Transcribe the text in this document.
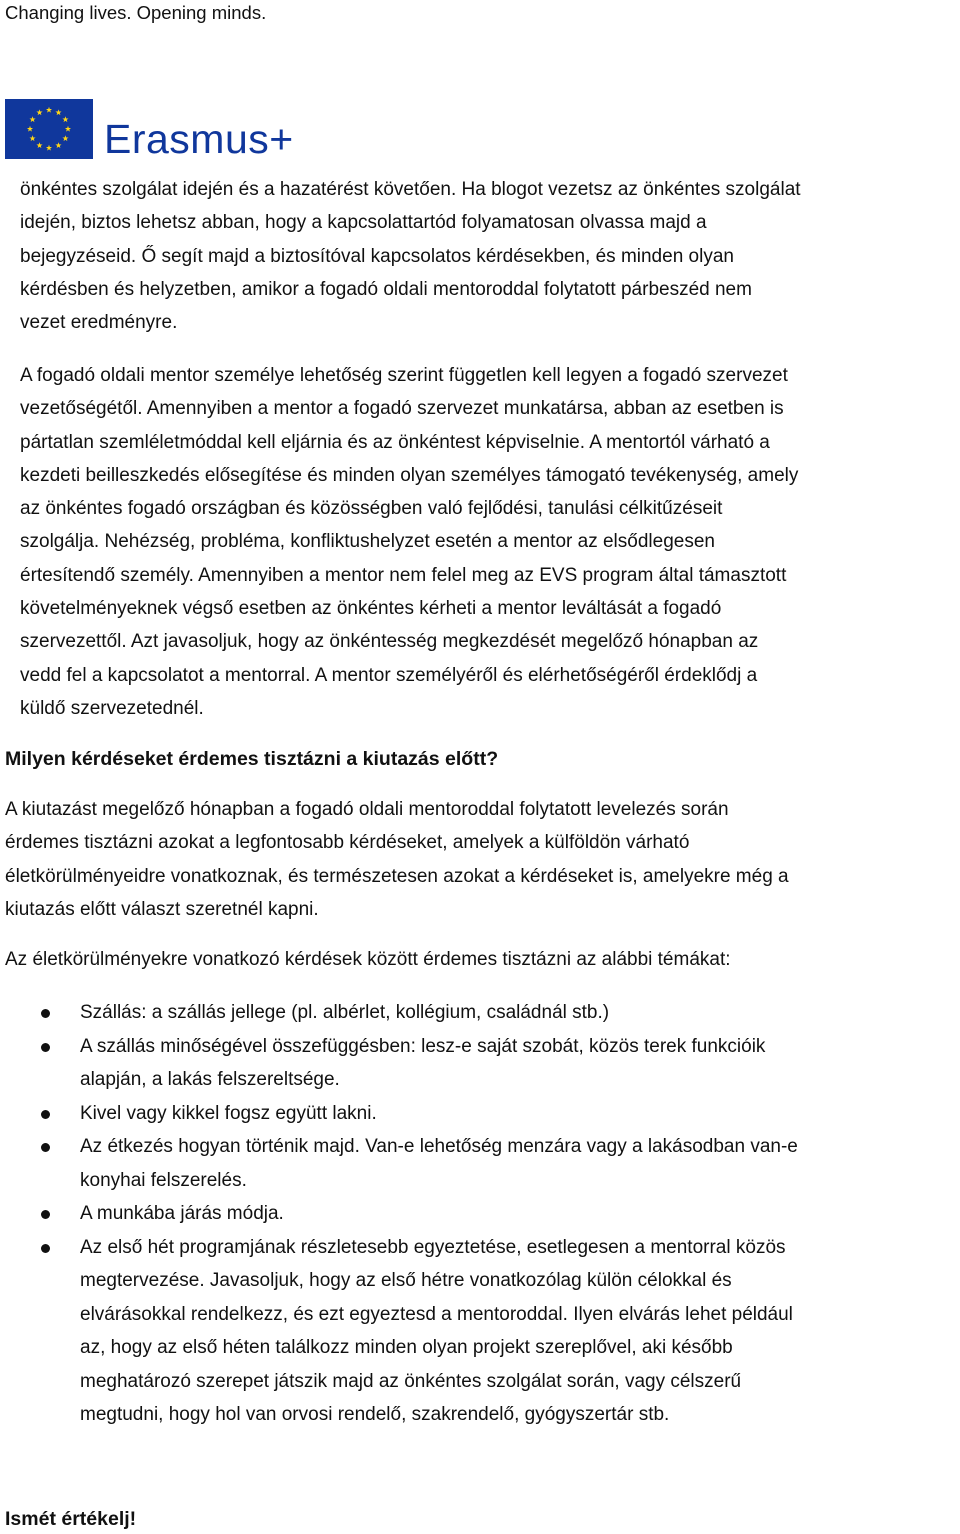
Changing lives. Opening minds.
Erasmus+
önkéntes szolgálat idején és a hazatérést követően. Ha blogot vezetsz az önkéntes szolgálat
idején, biztos lehetsz abban, hogy a kapcsolattartód folyamatosan olvassa majd a
bejegyzéseid. Ő segít majd a biztosítóval kapcsolatos kérdésekben, és minden olyan
kérdésben és helyzetben, amikor a fogadó oldali mentoroddal folytatott párbeszéd nem
vezet eredményre.
A fogadó oldali mentor személye lehetőség szerint független kell legyen a fogadó szervezet
vezetőségétől. Amennyiben a mentor a fogadó szervezet munkatársa, abban az esetben is
pártatlan szemléletmóddal kell eljárnia és az önkéntest képviselnie. A mentortól várható a
kezdeti beilleszkedés elősegítése és minden olyan személyes támogató tevékenység, amely
az önkéntes fogadó országban és közösségben való fejlődési, tanulási célkitűzéseit
szolgálja. Nehézség, probléma, konfliktushelyzet esetén a mentor az elsődlegesen
értesítendő személy. Amennyiben a mentor nem felel meg az EVS program által támasztott
követelményeknek végső esetben az önkéntes kérheti a mentor leváltását a fogadó
szervezettől. Azt javasoljuk, hogy az önkéntesség megkezdését megelőző hónapban az
vedd fel a kapcsolatot a mentorral. A mentor személyéről és elérhetőségéről érdeklődj a
küldő szervezetednél.
Milyen kérdéseket érdemes tisztázni a kiutazás előtt?
A kiutazást megelőző hónapban a fogadó oldali mentoroddal folytatott levelezés során
érdemes tisztázni azokat a legfontosabb kérdéseket, amelyek a külföldön várható
életkörülményeidre vonatkoznak, és természetesen azokat a kérdéseket is, amelyekre még a
kiutazás előtt választ szeretnél kapni.
Az életkörülményekre vonatkozó kérdések között érdemes tisztázni az alábbi témákat:
Szállás: a szállás jellege (pl. albérlet, kollégium, családnál stb.)
A szállás minőségével összefüggésben: lesz-e saját szobát, közös terek funkcióik
alapján, a lakás felszereltsége.
Kivel vagy kikkel fogsz együtt lakni.
Az étkezés hogyan történik majd. Van-e lehetőség menzára vagy a lakásodban van-e
konyhai felszerelés.
A munkába járás módja.
Az első hét programjának részletesebb egyeztetése, esetlegesen a mentorral közös
megtervezése. Javasoljuk, hogy az első hétre vonatkozólag külön célokkal és
elvárásokkal rendelkezz, és ezt egyeztesd a mentoroddal. Ilyen elvárás lehet például
az, hogy az első héten találkozz minden olyan projekt szereplővel, aki később
meghatározó szerepet játszik majd az önkéntes szolgálat során, vagy célszerű
megtudni, hogy hol van orvosi rendelő, szakrendelő, gyógyszertár stb.
Ismét értékelj!
